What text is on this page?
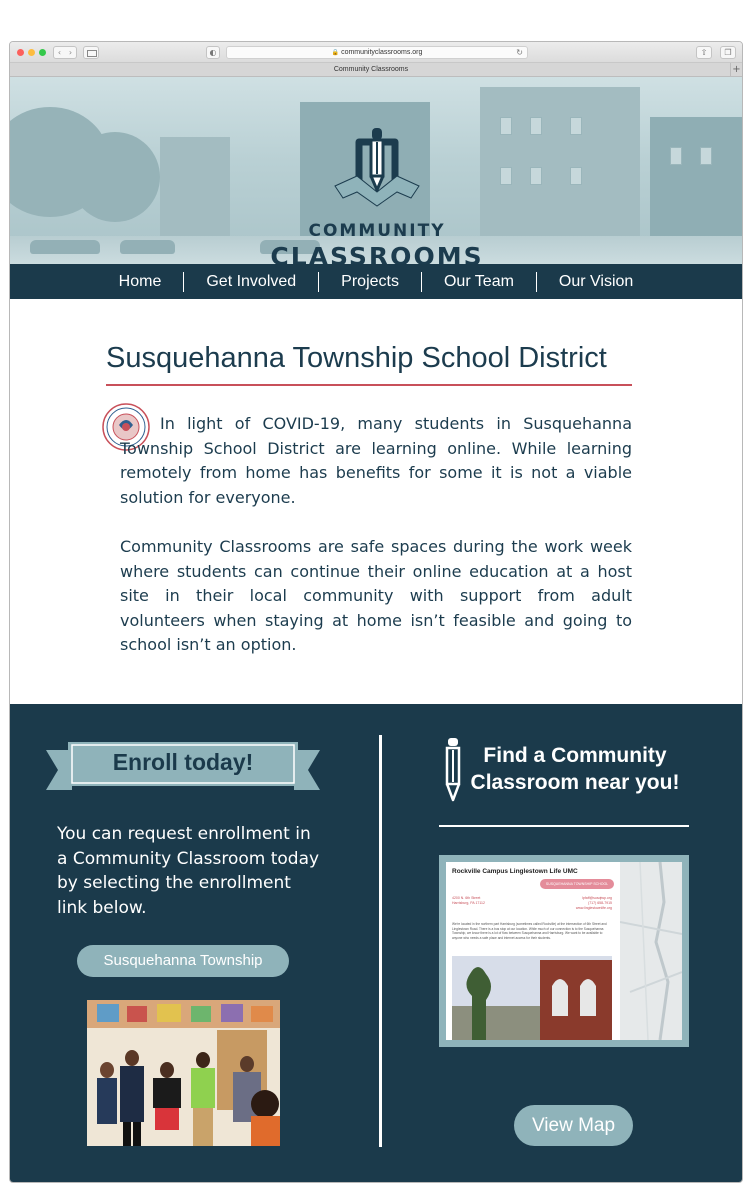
‹ ›	◐	🔒 communityclassrooms.org	↻	⇧	❐
Community Classrooms	+
COMMUNITY
CLASSROOMS
Home	Get Involved	Projects	Our Team	Our Vision
Susquehanna Township School District

In light of COVID-19, many students in Susquehanna Township School District are learning online. While learning remotely from home has benefits for some it is not a viable solution for everyone.

Community Classrooms are safe spaces during the work week where students can continue their online education at a host site in their local community with support from adult volunteers when staying at home isn’t feasible and going to school isn’t an option.

Enroll today!

You can request enrollment in a Community Classroom today by selecting the enrollment link below.

Susquehanna Township
Find a Community Classroom near you!
Rockville Campus Linglestown Life UMC
SUSQUEHANNA TOWNSHIP SCHOOL DISTRICT
4200 N. 6th Street
Harrisburg, PA 17112
lpfaff@susqtwp.org
(717) 658-7915
www.linglestownlife.org
We're located in the northern part Harrisburg (sometimes called Rockville) at the intersection of 6th Street and Linglestown Road. There is a bus stop at our location. While much of our connection is to the Susquehanna Township, we know there is a lot of flow between Susquehanna and Harrisburg. We want to be available to anyone who needs a safe place and internet access for their students.
View Map
